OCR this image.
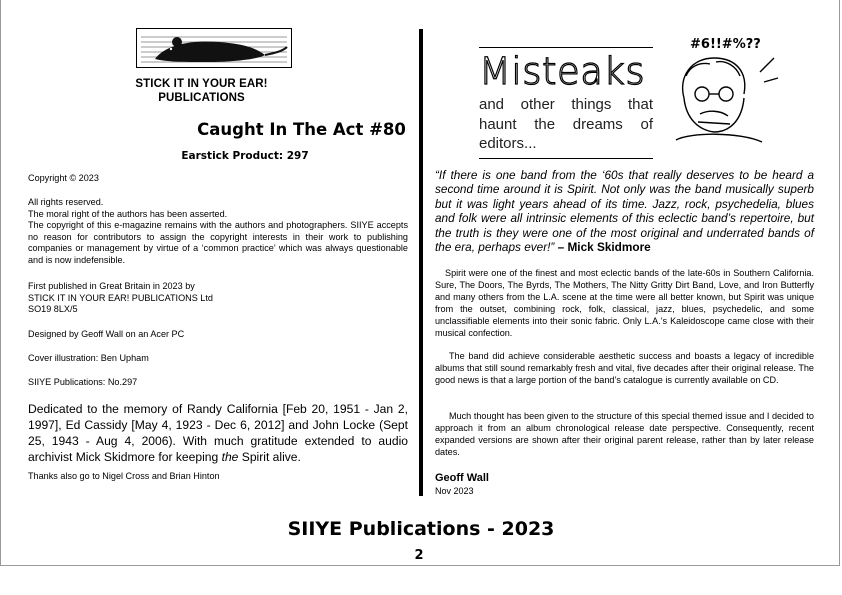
STICK IT IN YOUR EAR!
PUBLICATIONS
Caught In The Act #80
Earstick Product: 297
Copyright © 2023
All rights reserved.
The moral right of the authors has been asserted.
The copyright of this e-magazine remains with the authors and photographers. SIIYE accepts no reason for contributors to assign the copyright interests in their work to publishing companies or management by virtue of a ‘common practice’ which was always questionable and is now indefensible.
First published in Great Britain in 2023 by
STICK IT IN YOUR EAR! PUBLICATIONS Ltd
SO19 8LX/5
Designed by Geoff Wall on an Acer PC
Cover illustration: Ben Upham
SIIYE Publications: No.297
Dedicated to the memory of Randy California [Feb 20, 1951 - Jan 2, 1997], Ed Cassidy [May 4, 1923 - Dec 6, 2012] and John Locke (Sept 25, 1943 - Aug 4, 2006). With much gratitude extended to audio archivist Mick Skidmore for keeping the Spirit alive.
Thanks also go to Nigel Cross and Brian Hinton
Misteaks
and other things that haunt the dreams of editors...
#6!!#%??
“If there is one band from the ‘60s that really deserves to be heard a second time around it is Spirit. Not only was the band musically superb but it was light years ahead of its time. Jazz, rock, psychedelia, blues and folk were all intrinsic elements of this eclectic band’s repertoire, but the truth is they were one of the most original and underrated bands of the era, perhaps ever!” – Mick Skidmore
Spirit were one of the finest and most eclectic bands of the late-60s in Southern California. Sure, The Doors, The Byrds, The Mothers, The Nitty Gritty Dirt Band, Love, and Iron Butterfly and many others from the L.A. scene at the time were all better known, but Spirit was unique from the outset, combining rock, folk, classical, jazz, blues, psychedelic, and some unclassifiable elements into their sonic fabric. Only L.A.’s Kaleidoscope came close with their musical confection.
The band did achieve considerable aesthetic success and boasts a legacy of incredible albums that still sound remarkably fresh and vital, five decades after their original release. The good news is that a large portion of the band’s catalogue is currently available on CD.
Much thought has been given to the structure of this special themed issue and I decided to approach it from an album chronological release date perspective. Consequently, recent expanded versions are shown after their original parent release, rather than by later release dates.
Geoff Wall
Nov 2023
SIIYE Publications - 2023
2
